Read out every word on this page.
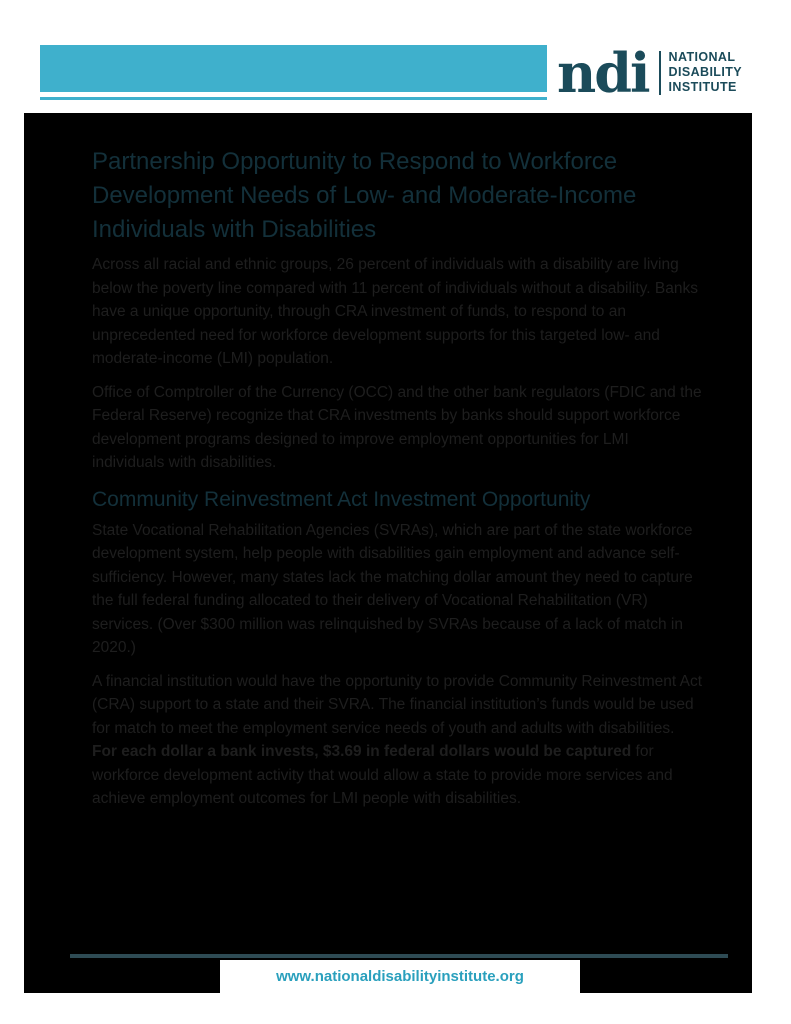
ndi NATIONAL
DISABILITY
INSTITUTE
Partnership Opportunity to Respond to Workforce Development Needs of Low- and Moderate-Income Individuals with Disabilities

Across all racial and ethnic groups, 26 percent of individuals with a disability are living below the poverty line compared with 11 percent of individuals without a disability. Banks have a unique opportunity, through CRA investment of funds, to respond to an unprecedented need for workforce development supports for this targeted low- and moderate-income (LMI) population.

Office of Comptroller of the Currency (OCC) and the other bank regulators (FDIC and the Federal Reserve) recognize that CRA investments by banks should support workforce development programs designed to improve employment opportunities for LMI individuals with disabilities.

Community Reinvestment Act Investment Opportunity

State Vocational Rehabilitation Agencies (SVRAs), which are part of the state workforce development system, help people with disabilities gain employment and advance self-sufficiency. However, many states lack the matching dollar amount they need to capture the full federal funding allocated to their delivery of Vocational Rehabilitation (VR) services. (Over $300 million was relinquished by SVRAs because of a lack of match in 2020.)

A financial institution would have the opportunity to provide Community Reinvestment Act (CRA) support to a state and their SVRA. The financial institution’s funds would be used for match to meet the employment service needs of youth and adults with disabilities. For each dollar a bank invests, $3.69 in federal dollars would be captured for workforce development activity that would allow a state to provide more services and achieve employment outcomes for LMI people with disabilities.

www.nationaldisabilityinstitute.org
